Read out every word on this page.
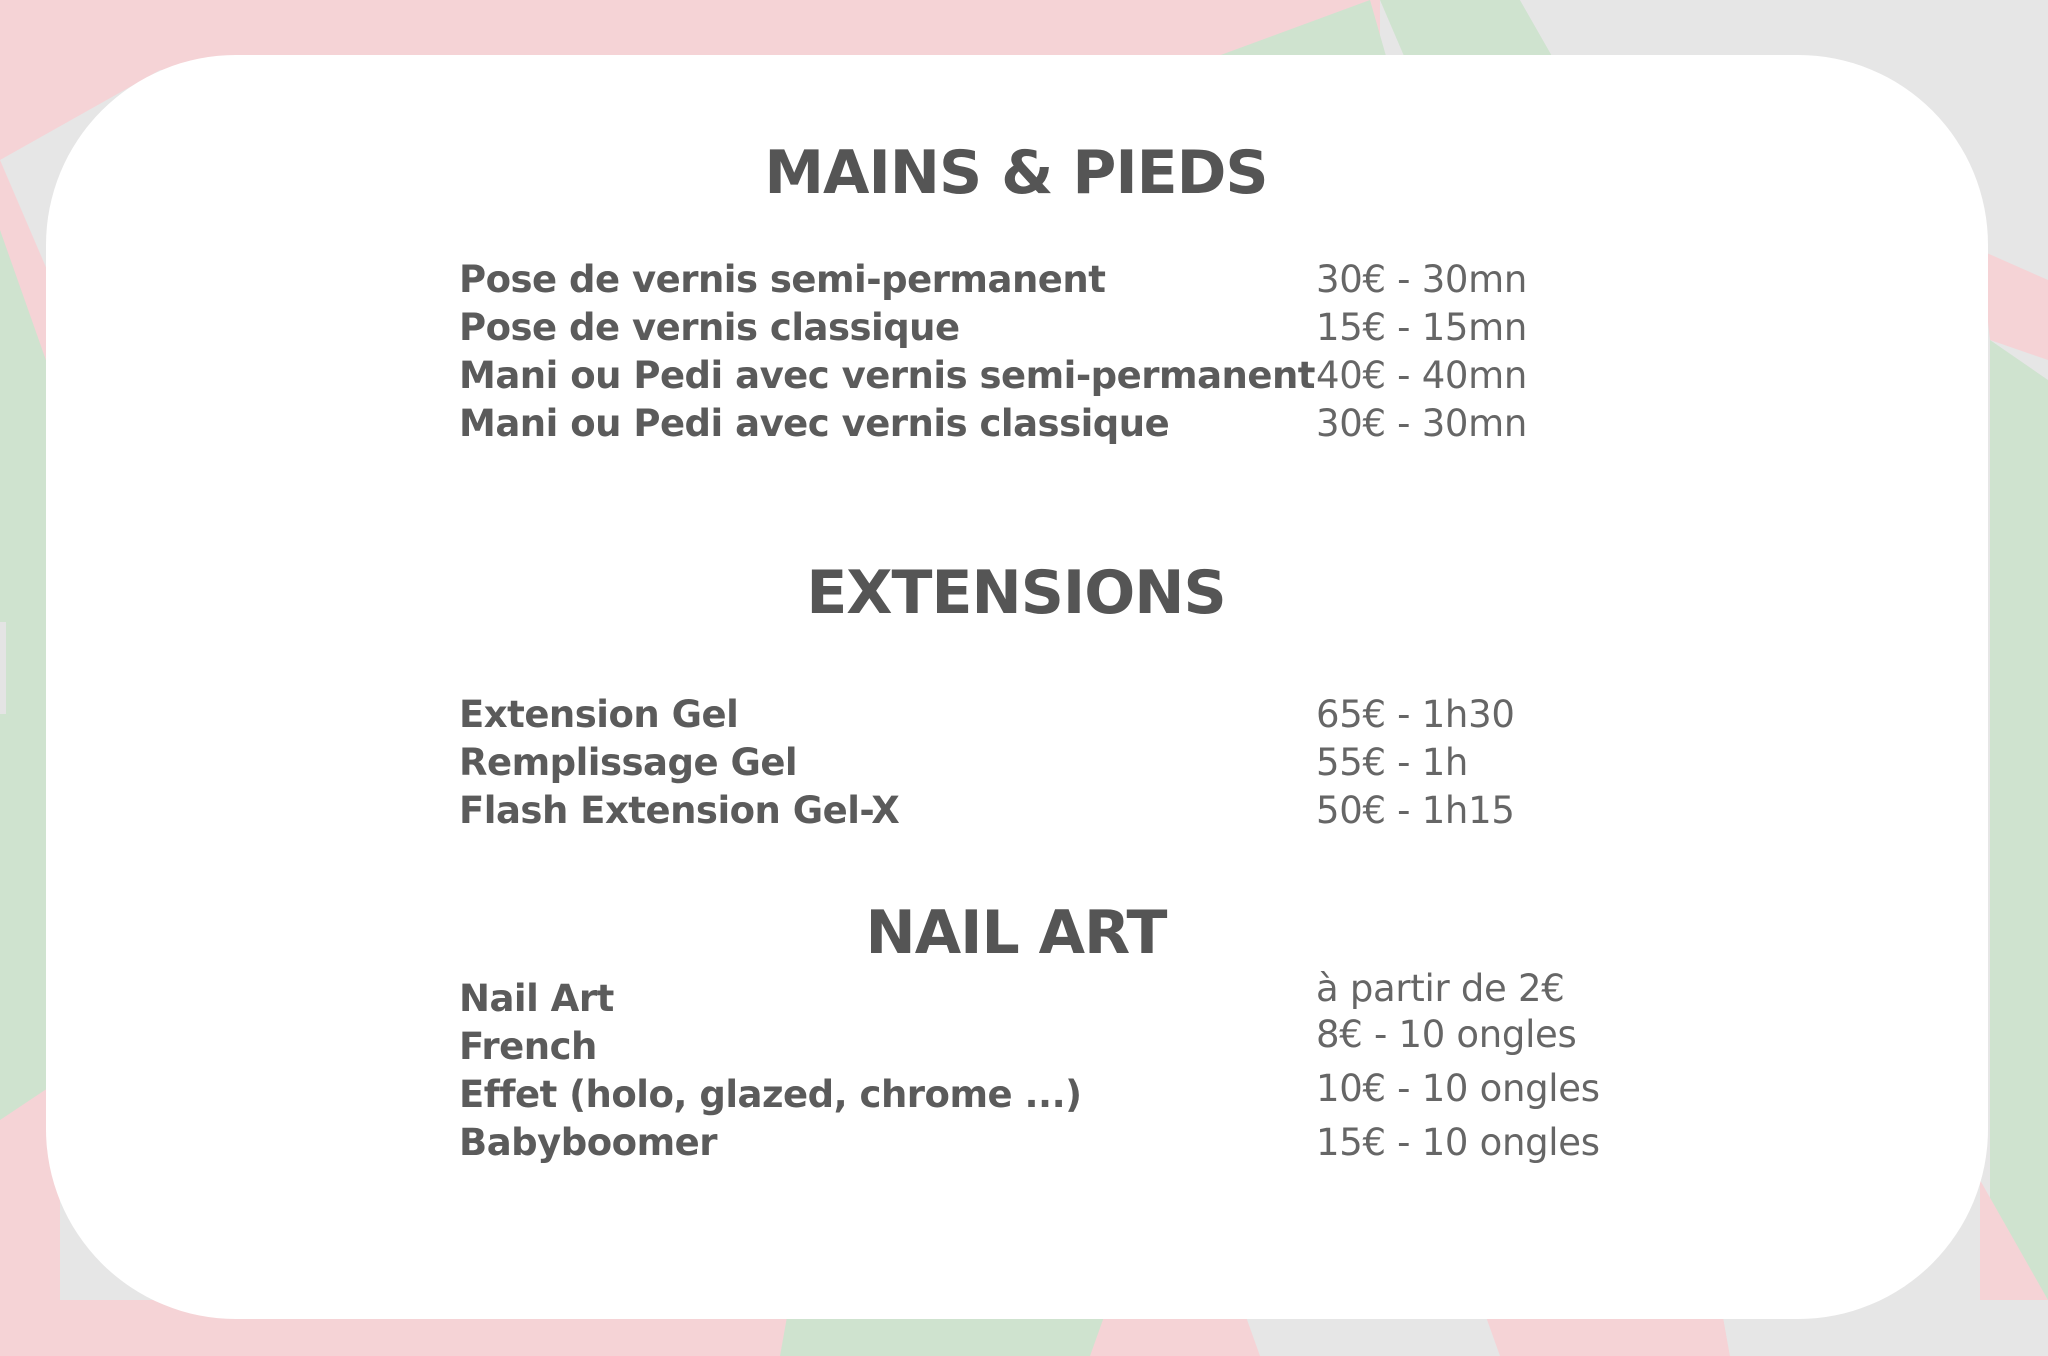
MAINS & PIEDS
Pose de vernis semi-permanent	30€ - 30mn
Pose de vernis classique	15€ - 15mn
Mani ou Pedi avec vernis semi-permanent 40€ - 40mn
Mani ou Pedi avec vernis classique	30€ - 30mn
EXTENSIONS
Extension Gel	65€ - 1h30
Remplissage Gel	55€ - 1h
Flash Extension Gel-X	50€ - 1h15
NAIL ART
Nail Art	à partir de 2€
French	8€ - 10 ongles
Effet (holo, glazed, chrome ...)	10€ - 10 ongles
Babyboomer	15€ - 10 ongles
